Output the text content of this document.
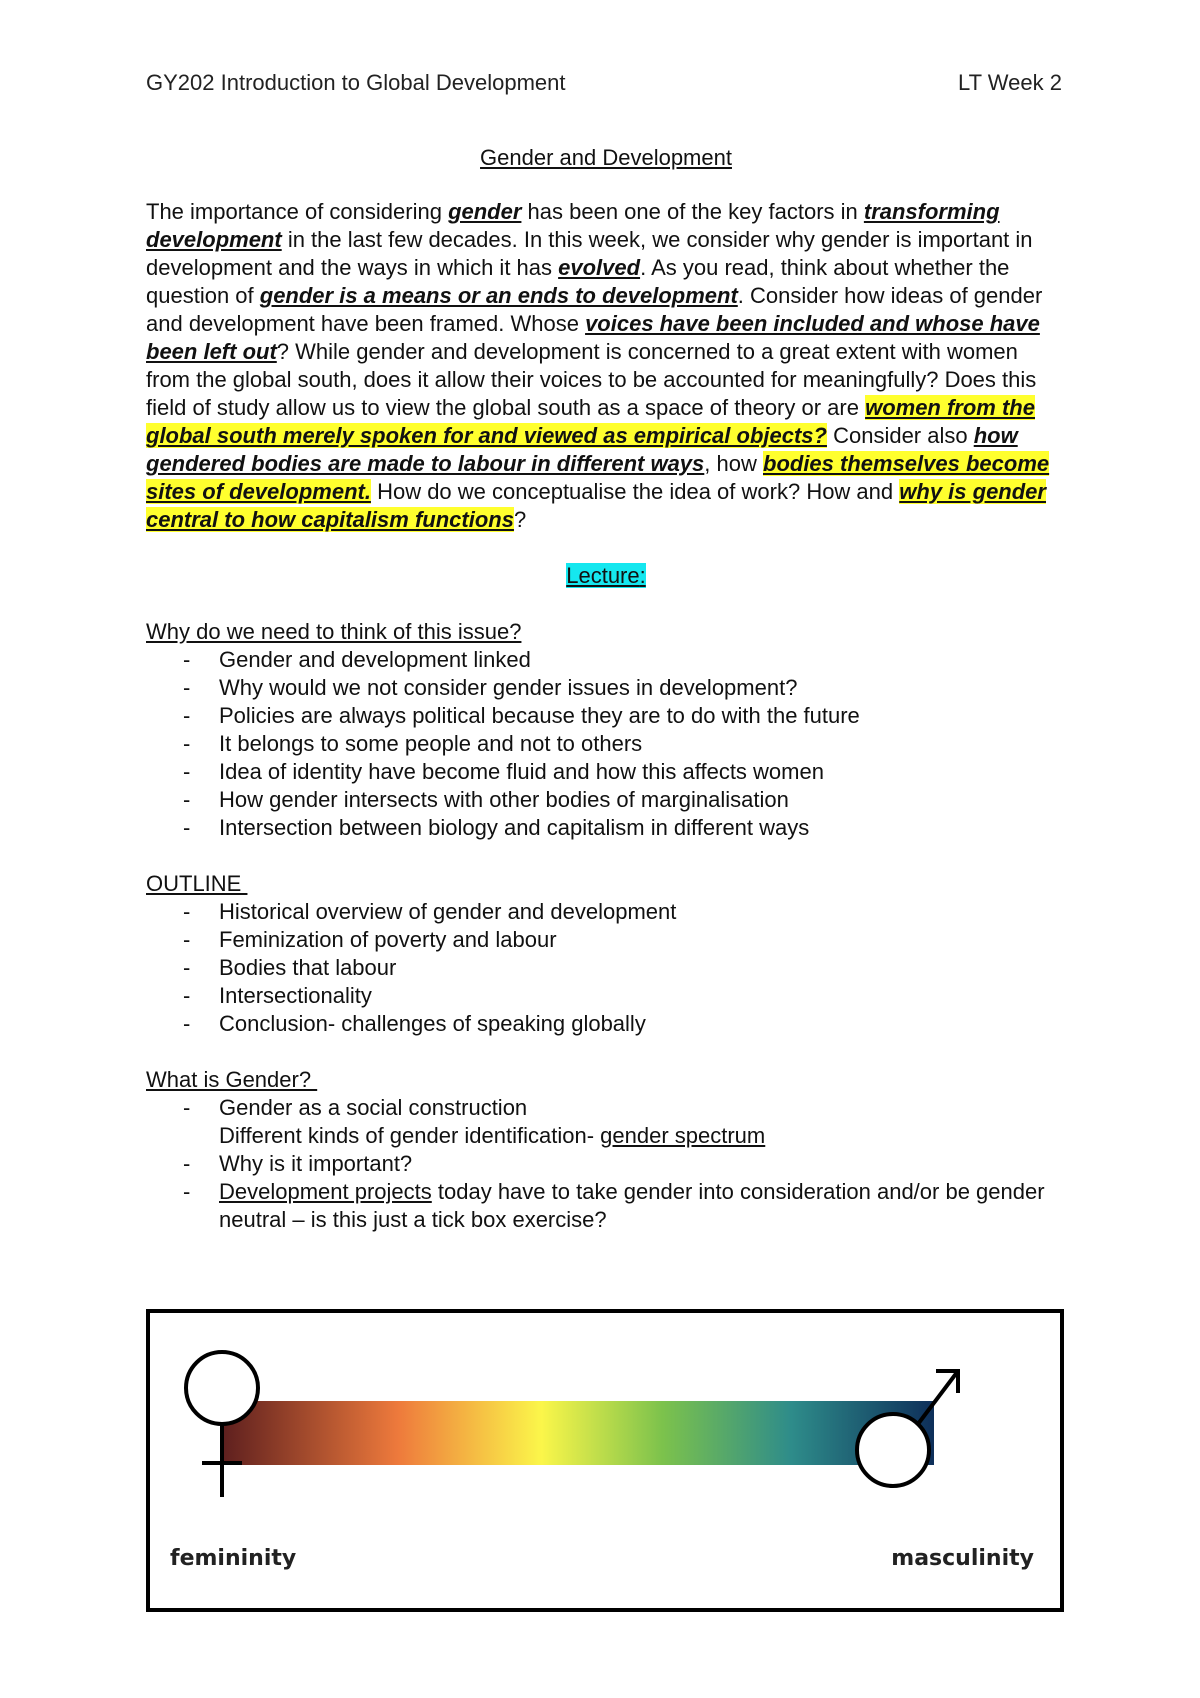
GY202 Introduction to Global Development	LT Week 2
Gender and Development

The importance of considering gender has been one of the key factors in transforming development in the last few decades. In this week, we consider why gender is important in development and the ways in which it has evolved. As you read, think about whether the question of gender is a means or an ends to development. Consider how ideas of gender and development have been framed. Whose voices have been included and whose have been left out? While gender and development is concerned to a great extent with women from the global south, does it allow their voices to be accounted for meaningfully? Does this field of study allow us to view the global south as a space of theory or are women from the global south merely spoken for and viewed as empirical objects? Consider also how gendered bodies are made to labour in different ways, how bodies themselves become sites of development. How do we conceptualise the idea of work? How and why is gender central to how capitalism functions?

Lecture:
Why do we need to think of this issue?
- Gender and development linked
- Why would we not consider gender issues in development?
- Policies are always political because they are to do with the future
- It belongs to some people and not to others
- Idea of identity have become fluid and how this affects women
- How gender intersects with other bodies of marginalisation
- Intersection between biology and capitalism in different ways
OUTLINE
- Historical overview of gender and development
- Feminization of poverty and labour
- Bodies that labour
- Intersectionality
- Conclusion- challenges of speaking globally
What is Gender?
- Gender as a social construction
Different kinds of gender identification- gender spectrum
- Why is it important?
- Development projects today have to take gender into consideration and/or be gender neutral – is this just a tick box exercise?
femininity	masculinity
